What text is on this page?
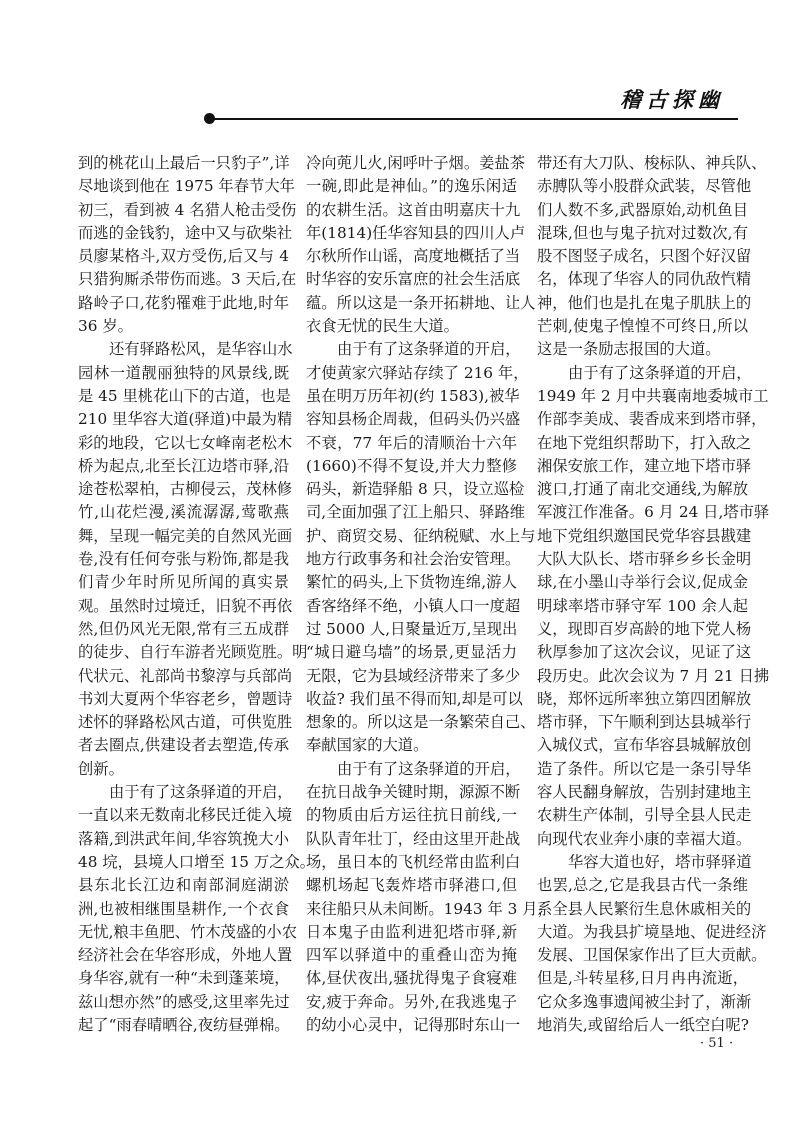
稽古探幽
到的桃花山上最后一只豹子”,详
尽地谈到他在 1975 年春节大年
初三，看到被 4 名猎人枪击受伤
而逃的金钱豹，途中又与砍柴社
员廖某格斗,双方受伤,后又与 4
只猎狗厮杀带伤而逃。3 天后,在
路岭子口,花豹罹难于此地,时年
36 岁。
还有驿路松风，是华容山水
园林一道靓丽独特的风景线,既
是 45 里桃花山下的古道，也是
210 里华容大道(驿道)中最为精
彩的地段，它以七女峰南老松木
桥为起点,北至长江边塔市驿,沿
途苍松翠柏，古柳侵云，茂林修
竹,山花烂漫,溪流潺潺,莺歌燕
舞，呈现一幅完美的自然风光画
卷,没有任何夸张与粉饰,都是我
们青少年时所见所闻的真实景
观。虽然时过境迁，旧貌不再依
然,但仍风光无限,常有三五成群
的徒步、自行车游者光顾览胜。明
代状元、礼部尚书黎淳与兵部尚
书刘大夏两个华容老乡，曾题诗
述怀的驿路松风古道，可供览胜
者去圈点,供建设者去塑造,传承
创新。
由于有了这条驿道的开启，
一直以来无数南北移民迁徙入境
落籍,到洪武年间,华容筑挽大小
48 垸，县境人口增至 15 万之众。
县东北长江边和南部洞庭湖淤
洲,也被相继围垦耕作,一个衣食
无忧,粮丰鱼肥、竹木茂盛的小农
经济社会在华容形成，外地人置
身华容,就有一种“未到蓬莱境，
兹山想亦然”的感受,这里率先过
起了“雨春晴晒谷,夜纺昼弹棉。
冷向蔸儿火,闲呼叶子烟。姜盐茶
一碗,即此是神仙。”的逸乐闲适
的农耕生活。这首由明嘉庆十九
年(1814)任华容知县的四川人卢
尔秋所作山谣，高度地概括了当
时华容的安乐富庶的社会生活底
蕴。所以这是一条开拓耕地、让人
衣食无忧的民生大道。
由于有了这条驿道的开启，
才使黄家穴驿站存续了 216 年，
虽在明万历年初(约 1583),被华
容知县杨企周裁，但码头仍兴盛
不衰，77 年后的清顺治十六年
(1660)不得不复设,并大力整修
码头，新造驿船 8 只，设立巡检
司,全面加强了江上船只、驿路维
护、商贸交易、征纳税赋、水上与
地方行政事务和社会治安管理。
繁忙的码头,上下货物连绵,游人
香客络绎不绝，小镇人口一度超
过 5000 人,日聚量近万,呈现出
“城日避乌墙”的场景,更显活力
无限，它为县域经济带来了多少
收益? 我们虽不得而知,却是可以
想象的。所以这是一条繁荣自己、
奉献国家的大道。
由于有了这条驿道的开启，
在抗日战争关键时期，源源不断
的物质由后方运往抗日前线,一
队队青年壮丁，经由这里开赴战
场，虽日本的飞机经常由监利白
螺机场起飞轰炸塔市驿港口,但
来往船只从未间断。1943 年 3 月，
日本鬼子由监利进犯塔市驿,新
四军以驿道中的重叠山峦为掩
体,昼伏夜出,骚扰得鬼子食寝难
安,疲于奔命。另外,在我逃鬼子
的幼小心灵中，记得那时东山一
带还有大刀队、梭标队、神兵队、
赤膊队等小股群众武装，尽管他
们人数不多,武器原始,动机鱼目
混珠,但也与鬼子抗对过数次,有
股不图竖子成名，只图个好汉留
名，体现了华容人的同仇敌忾精
神，他们也是扎在鬼子肌肤上的
芒刺,使鬼子惶惶不可终日,所以
这是一条励志报国的大道。
由于有了这条驿道的开启，
1949 年 2 月中共襄南地委城市工
作部李美成、裴香成来到塔市驿，
在地下党组织帮助下，打入敌之
湘保安旅工作，建立地下塔市驿
渡口,打通了南北交通线,为解放
军渡江作准备。6 月 24 日,塔市驿
地下党组织邀国民党华容县戡建
大队大队长、塔市驿乡乡长金明
球,在小墨山寺举行会议,促成金
明球率塔市驿守军 100 余人起
义，现即百岁高龄的地下党人杨
秋厚参加了这次会议，见证了这
段历史。此次会议为 7 月 21 日拂
晓，郑怀远所率独立第四团解放
塔市驿，下午顺利到达县城举行
入城仪式，宣布华容县城解放创
造了条件。所以它是一条引导华
容人民翻身解放，告别封建地主
农耕生产体制，引导全县人民走
向现代农业奔小康的幸福大道。
华容大道也好，塔市驿驿道
也罢,总之,它是我县古代一条维
系全县人民繁衍生息休戚相关的
大道。为我县扩境垦地、促进经济
发展、卫国保家作出了巨大贡献。
但是,斗转星移,日月冉冉流逝，
它众多逸事遗闻被尘封了，渐渐
地消失,或留给后人一纸空白呢?
· 51 ·
